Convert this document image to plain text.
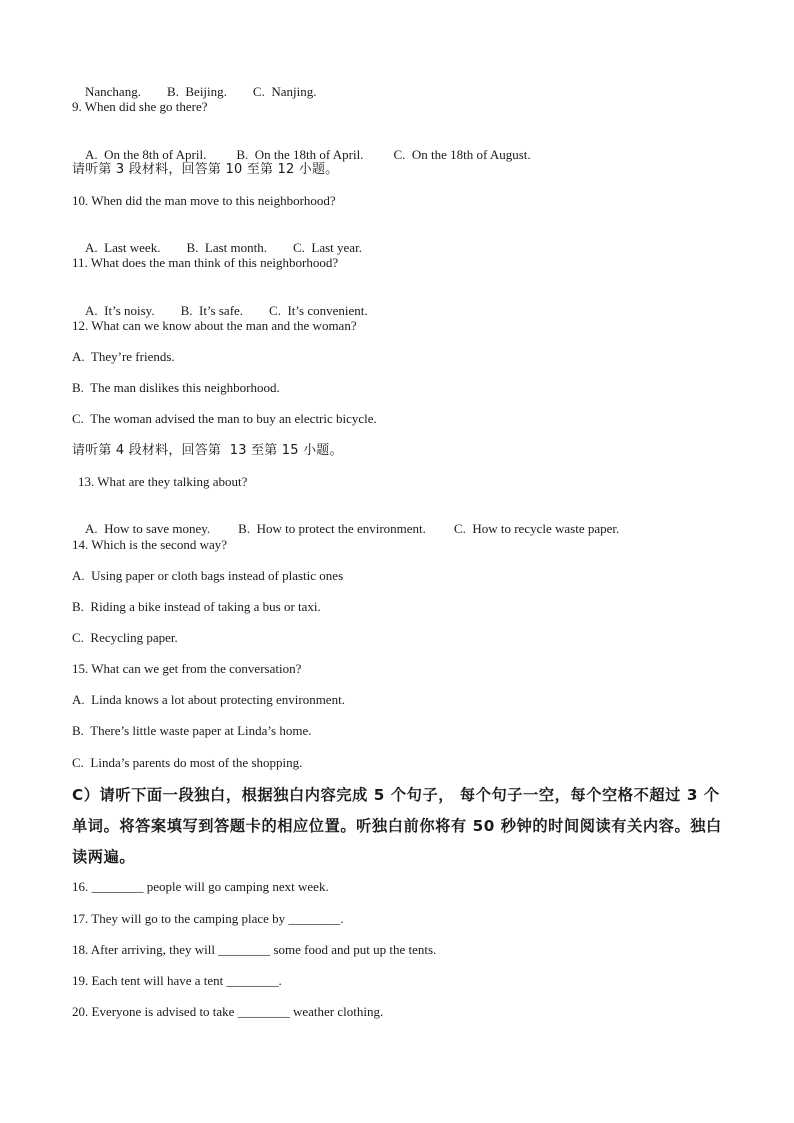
Nanchang. B.  Beijing. C.  Nanjing.

9. When did she go there?

A.  On the 8th of April. B.  On the 18th of April. C.  On the 18th of August.

请听第 3 段材料，回答第 10 至第 12 小题。
10. When did the man move to this neighborhood?

A.  Last week. B.  Last month. C.  Last year.

11. What does the man think of this neighborhood?

A.  It’s noisy. B.  It’s safe. C.  It’s convenient.

12. What can we know about the man and the woman?
A.  They’re friends.
B.  The man dislikes this neighborhood.
C.  The woman advised the man to buy an electric bicycle.
请听第 4 段材料，回答第  13 至第 15 小题。
13. What are they talking about?

A.  How to save money. B.  How to protect the environment. C.  How to recycle waste paper.

14. Which is the second way?
A.  Using paper or cloth bags instead of plastic ones
B.  Riding a bike instead of taking a bus or taxi.
C.  Recycling paper.
15. What can we get from the conversation?
A.  Linda knows a lot about protecting environment.
B.  There’s little waste paper at Linda’s home.
C.  Linda’s parents do most of the shopping.
C）请听下面一段独白，根据独白内容完成 5 个句子， 每个句子一空，每个空格不超过 3 个单词。将答案填写到答题卡的相应位置。听独白前你将有 50 秒钟的时间阅读有关内容。独白读两遍。
16. ________ people will go camping next week.
17. They will go to the camping place by ________.
18. After arriving, they will ________ some food and put up the tents.
19. Each tent will have a tent ________.
20. Everyone is advised to take ________ weather clothing.
